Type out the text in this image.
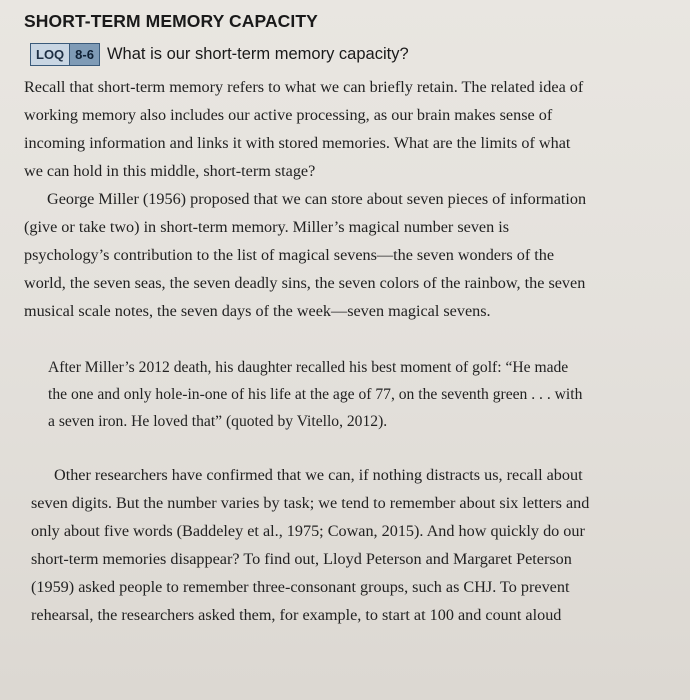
SHORT-TERM MEMORY CAPACITY
LOQ 8-6 What is our short-term memory capacity?
Recall that short-term memory refers to what we can briefly retain. The related idea of
working memory also includes our active processing, as our brain makes sense of
incoming information and links it with stored memories. What are the limits of what
we can hold in this middle, short-term stage?
George Miller (1956) proposed that we can store about seven pieces of information
(give or take two) in short-term memory. Miller’s magical number seven is
psychology’s contribution to the list of magical sevens—the seven wonders of the
world, the seven seas, the seven deadly sins, the seven colors of the rainbow, the seven
musical scale notes, the seven days of the week—seven magical sevens.
After Miller’s 2012 death, his daughter recalled his best moment of golf: “He made
the one and only hole-in-one of his life at the age of 77, on the seventh green . . . with
a seven iron. He loved that” (quoted by Vitello, 2012).
Other researchers have confirmed that we can, if nothing distracts us, recall about
seven digits. But the number varies by task; we tend to remember about six letters and
only about five words (Baddeley et al., 1975; Cowan, 2015). And how quickly do our
short-term memories disappear? To find out, Lloyd Peterson and Margaret Peterson
(1959) asked people to remember three-consonant groups, such as CHJ. To prevent
rehearsal, the researchers asked them, for example, to start at 100 and count aloud
